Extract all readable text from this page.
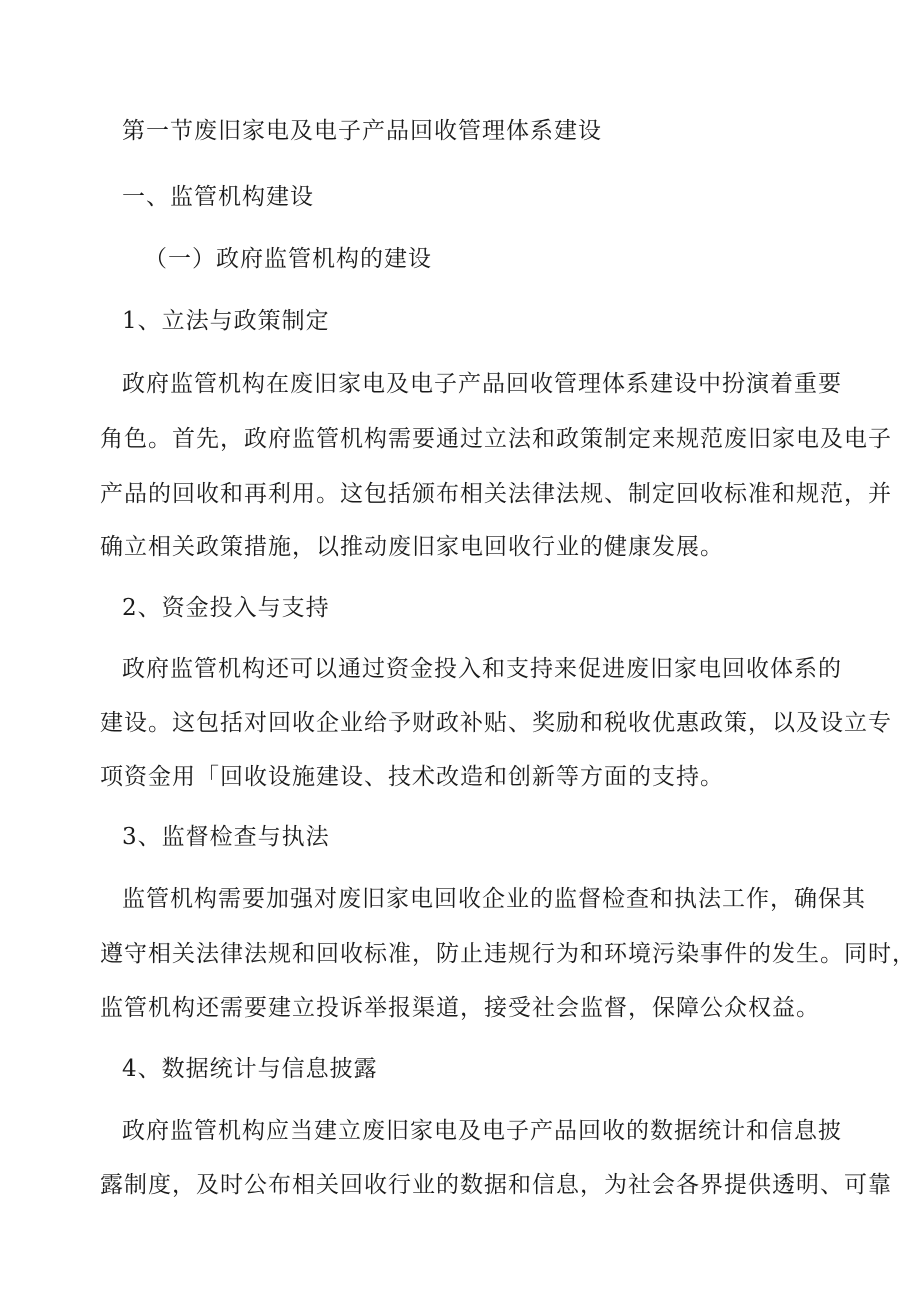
第一节废旧家电及电子产品回收管理体系建设
一、监管机构建设
（一）政府监管机构的建设
1、立法与政策制定
政府监管机构在废旧家电及电子产品回收管理体系建设中扮演着重要
角色。首先，政府监管机构需要通过立法和政策制定来规范废旧家电及电子
产品的回收和再利用。这包括颁布相关法律法规、制定回收标准和规范，并
确立相关政策措施，以推动废旧家电回收行业的健康发展。
2、资金投入与支持
政府监管机构还可以通过资金投入和支持来促进废旧家电回收体系的
建设。这包括对回收企业给予财政补贴、奖励和税收优惠政策，以及设立专
项资金用「回收设施建设、技术改造和创新等方面的支持。
3、监督检查与执法
监管机构需要加强对废旧家电回收企业的监督检查和执法工作，确保其
遵守相关法律法规和回收标准，防止违规行为和环境污染事件的发生。同时，
监管机构还需要建立投诉举报渠道，接受社会监督，保障公众权益。
4、数据统计与信息披露
政府监管机构应当建立废旧家电及电子产品回收的数据统计和信息披
露制度，及时公布相关回收行业的数据和信息，为社会各界提供透明、可靠
